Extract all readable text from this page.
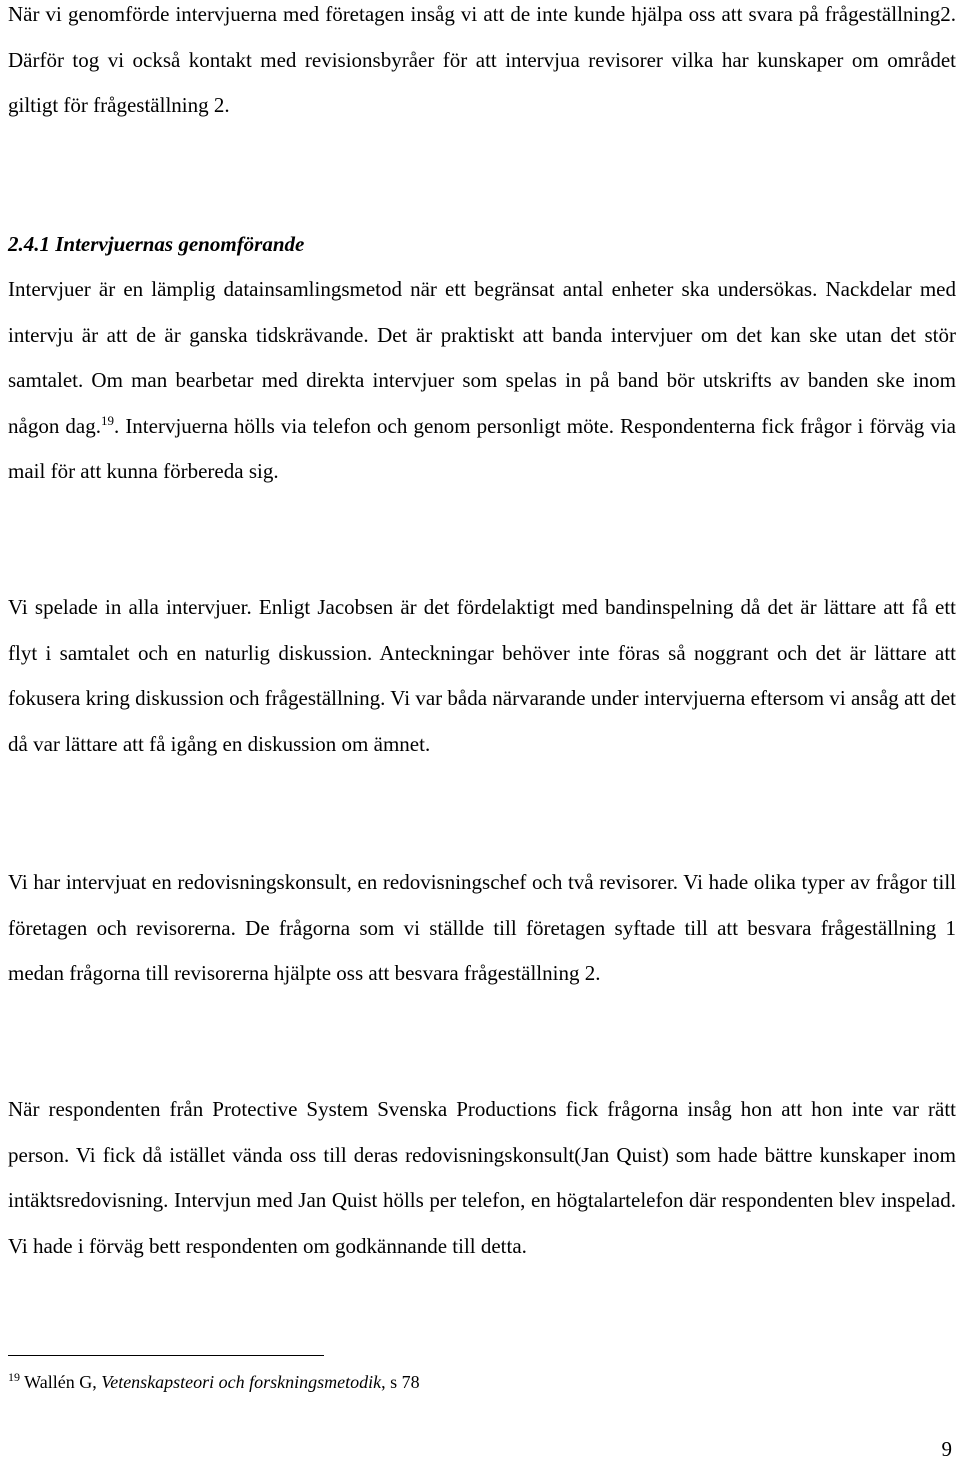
När vi genomförde intervjuerna med företagen insåg vi att de inte kunde hjälpa oss att svara på frågeställning2. Därför tog vi också kontakt med revisionsbyråer för att intervjua revisorer vilka har kunskaper om området giltigt för frågeställning 2.

2.4.1 Intervjuernas genomförande

Intervjuer är en lämplig datainsamlingsmetod när ett begränsat antal enheter ska undersökas. Nackdelar med intervju är att de är ganska tidskrävande. Det är praktiskt att banda intervjuer om det kan ske utan det stör samtalet. Om man bearbetar med direkta intervjuer som spelas in på band bör utskrifts av banden ske inom någon dag.$^{19}$. Intervjuerna hölls via telefon och genom personligt möte. Respondenterna fick frågor i förväg via mail för att kunna förbereda sig.

Vi spelade in alla intervjuer. Enligt Jacobsen är det fördelaktigt med bandinspelning då det är lättare att få ett flyt i samtalet och en naturlig diskussion. Anteckningar behöver inte föras så noggrant och det är lättare att fokusera kring diskussion och frågeställning. Vi var båda närvarande under intervjuerna eftersom vi ansåg att det då var lättare att få igång en diskussion om ämnet.

Vi har intervjuat en redovisningskonsult, en redovisningschef och två revisorer. Vi hade olika typer av frågor till företagen och revisorerna. De frågorna som vi ställde till företagen syftade till att besvara frågeställning 1 medan frågorna till revisorerna hjälpte oss att besvara frågeställning 2.

När respondenten från Protective System Svenska Productions fick frågorna insåg hon att hon inte var rätt person. Vi fick då istället vända oss till deras redovisningskonsult(Jan Quist) som hade bättre kunskaper inom intäktsredovisning. Intervjun med Jan Quist hölls per telefon, en högtalartelefon där respondenten blev inspelad. Vi hade i förväg bett respondenten om godkännande till detta.

$^{19}$ Wallén G, Vetenskapsteori och forskningsmetodik, s 78

9
